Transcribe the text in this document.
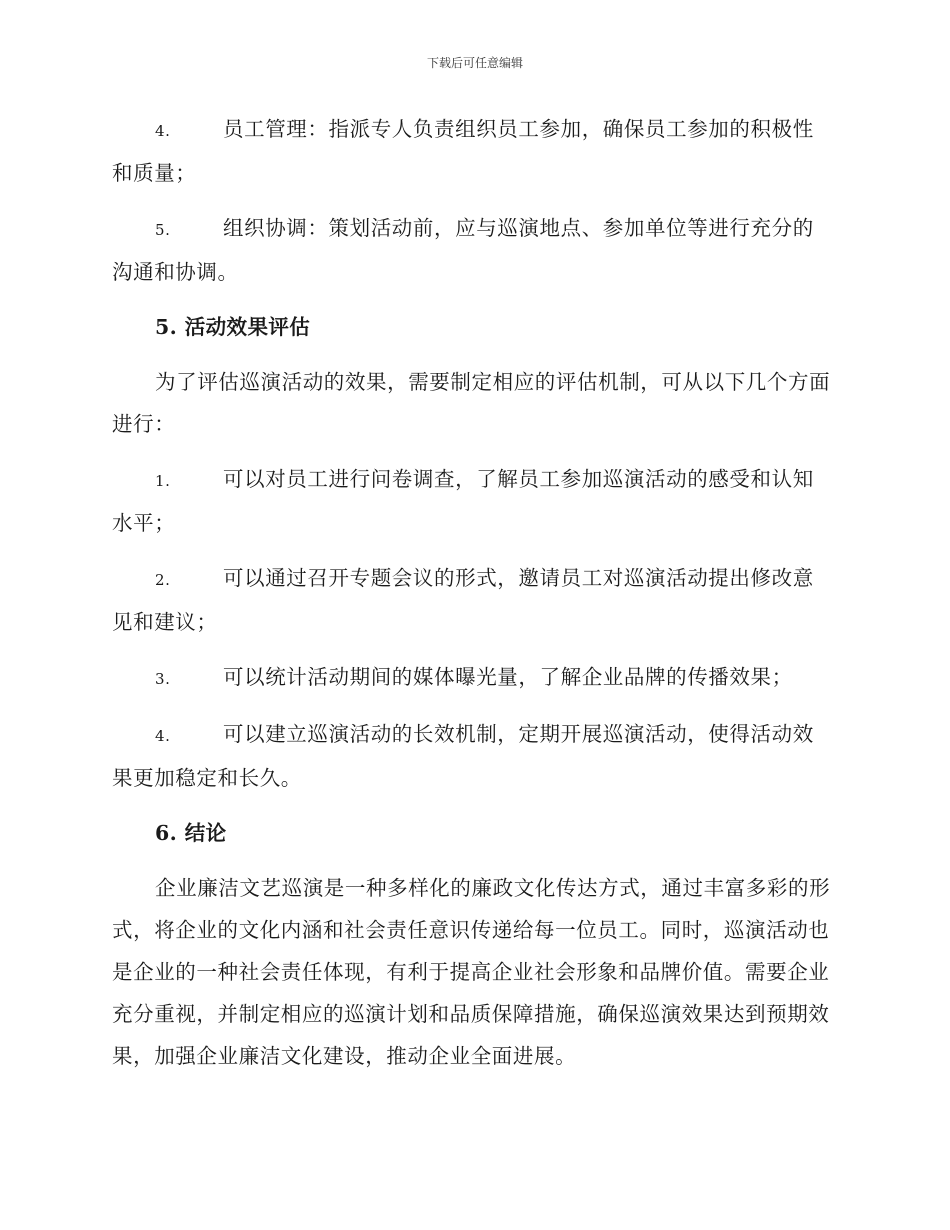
下载后可任意编辑

4.	员工管理：指派专人负责组织员工参加，确保员工参加的积极性和质量；

5.	组织协调：策划活动前，应与巡演地点、参加单位等进行充分的沟通和协调。

5. 活动效果评估

为了评估巡演活动的效果，需要制定相应的评估机制，可从以下几个方面进行：

1.	可以对员工进行问卷调查，了解员工参加巡演活动的感受和认知水平；

2.	可以通过召开专题会议的形式，邀请员工对巡演活动提出修改意见和建议；

3.	可以统计活动期间的媒体曝光量，了解企业品牌的传播效果；

4.	可以建立巡演活动的长效机制，定期开展巡演活动，使得活动效果更加稳定和长久。

6. 结论

企业廉洁文艺巡演是一种多样化的廉政文化传达方式，通过丰富多彩的形式，将企业的文化内涵和社会责任意识传递给每一位员工。同时，巡演活动也是企业的一种社会责任体现，有利于提高企业社会形象和品牌价值。需要企业充分重视，并制定相应的巡演计划和品质保障措施，确保巡演效果达到预期效果，加强企业廉洁文化建设，推动企业全面进展。
